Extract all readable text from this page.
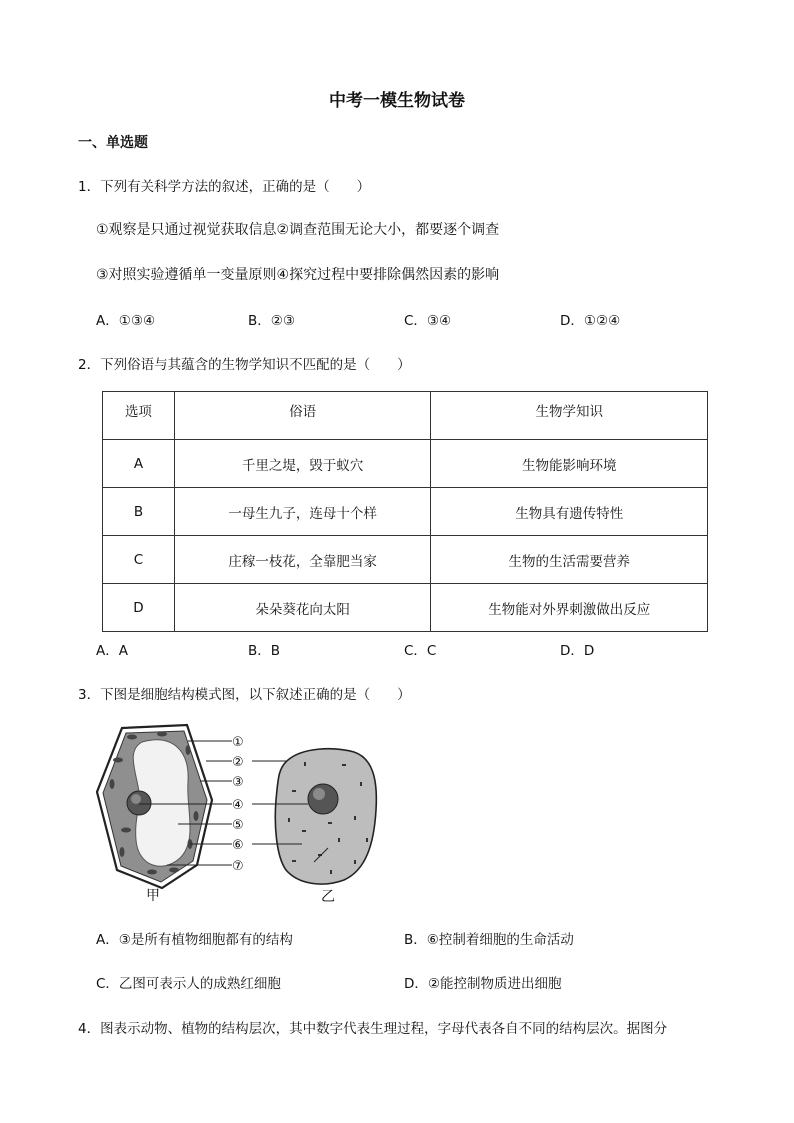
中考一模生物试卷
一、单选题
1．下列有关科学方法的叙述，正确的是（　　）
①观察是只通过视觉获取信息②调查范围无论大小，都要逐个调查
③对照实验遵循单一变量原则④探究过程中要排除偶然因素的影响
A．①③④	B．②③	C．③④	D．①②④
2．下列俗语与其蕴含的生物学知识不匹配的是（　　）
选项	俗语	生物学知识
A	千里之堤，毁于蚁穴	生物能影响环境
B	一母生九子，连母十个样	生物具有遗传特性
C	庄稼一枝花，全靠肥当家	生物的生活需要营养
D	朵朵葵花向太阳	生物能对外界刺激做出反应
A．A	B．B	C．C	D．D
3．下图是细胞结构模式图，以下叙述正确的是（　　）
①
②
③
④
⑤
⑥
⑦
甲	乙
A．③是所有植物细胞都有的结构	B．⑥控制着细胞的生命活动
C．乙图可表示人的成熟红细胞	D．②能控制物质进出细胞
4．图表示动物、植物的结构层次，其中数字代表生理过程，字母代表各自不同的结构层次。据图分
